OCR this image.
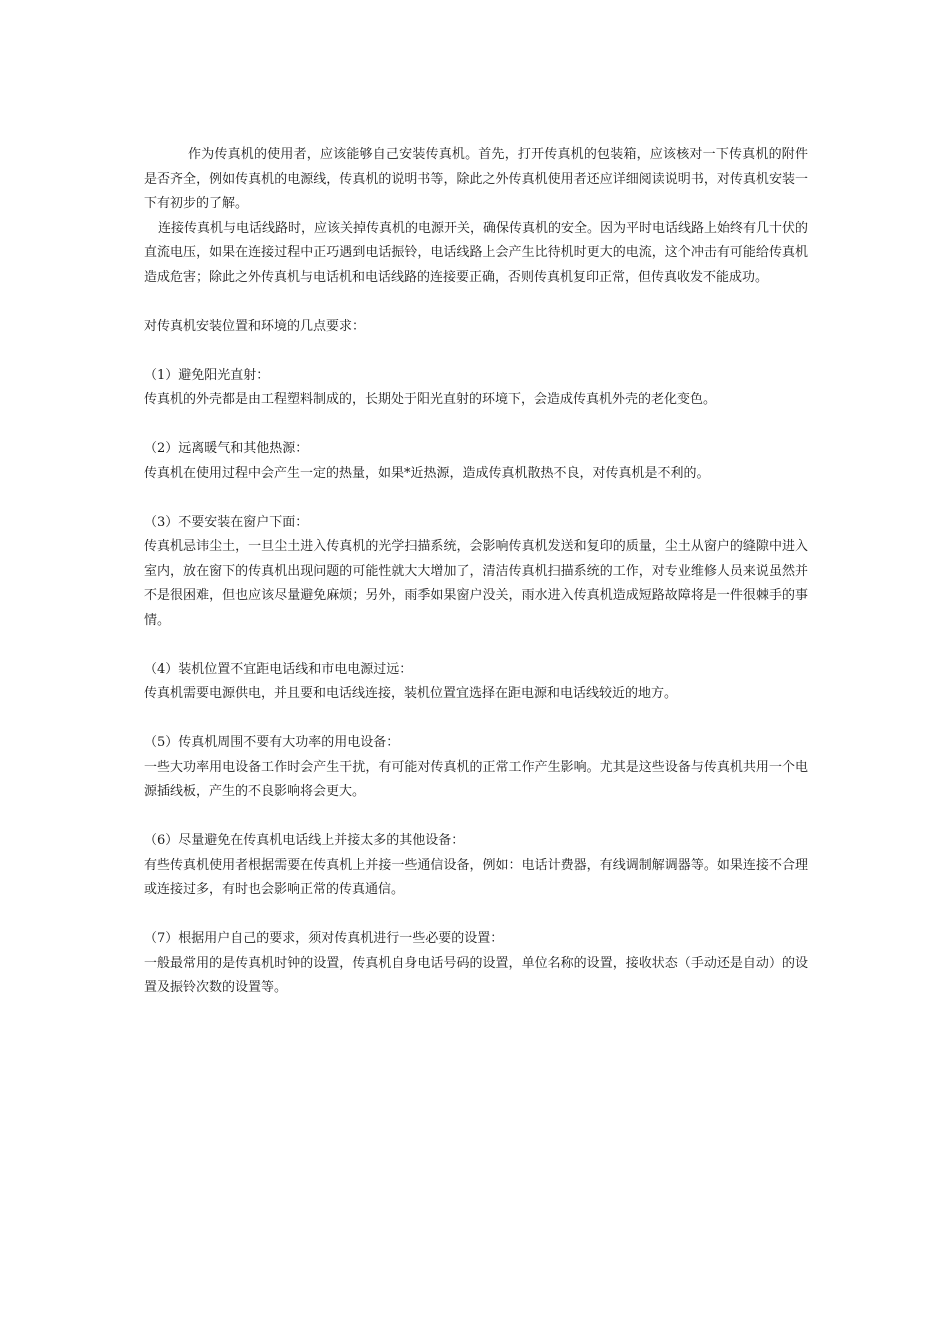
作为传真机的使用者，应该能够自己安装传真机。首先，打开传真机的包装箱，应该核对一下传真机的附件是否齐全，例如传真机的电源线，传真机的说明书等，除此之外传真机使用者还应详细阅读说明书，对传真机安装一下有初步的了解。

连接传真机与电话线路时，应该关掉传真机的电源开关，确保传真机的安全。因为平时电话线路上始终有几十伏的直流电压，如果在连接过程中正巧遇到电话振铃，电话线路上会产生比待机时更大的电流，这个冲击有可能给传真机造成危害；除此之外传真机与电话机和电话线路的连接要正确，否则传真机复印正常，但传真收发不能成功。

对传真机安装位置和环境的几点要求：

（1）避免阳光直射：

传真机的外壳都是由工程塑料制成的，长期处于阳光直射的环境下，会造成传真机外壳的老化变色。

（2）远离暖气和其他热源：

传真机在使用过程中会产生一定的热量，如果*近热源，造成传真机散热不良，对传真机是不利的。

（3）不要安装在窗户下面：

传真机忌讳尘土，一旦尘土进入传真机的光学扫描系统，会影响传真机发送和复印的质量，尘土从窗户的缝隙中进入室内，放在窗下的传真机出现问题的可能性就大大增加了，清洁传真机扫描系统的工作，对专业维修人员来说虽然并不是很困难，但也应该尽量避免麻烦；另外，雨季如果窗户没关，雨水进入传真机造成短路故障将是一件很棘手的事情。

（4）装机位置不宜距电话线和市电电源过远：

传真机需要电源供电，并且要和电话线连接，装机位置宜选择在距电源和电话线较近的地方。

（5）传真机周围不要有大功率的用电设备：

一些大功率用电设备工作时会产生干扰，有可能对传真机的正常工作产生影响。尤其是这些设备与传真机共用一个电源插线板，产生的不良影响将会更大。

（6）尽量避免在传真机电话线上并接太多的其他设备：

有些传真机使用者根据需要在传真机上并接一些通信设备，例如：电话计费器，有线调制解调器等。如果连接不合理或连接过多，有时也会影响正常的传真通信。

（7）根据用户自己的要求，须对传真机进行一些必要的设置：

一般最常用的是传真机时钟的设置，传真机自身电话号码的设置，单位名称的设置，接收状态（手动还是自动）的设置及振铃次数的设置等。
